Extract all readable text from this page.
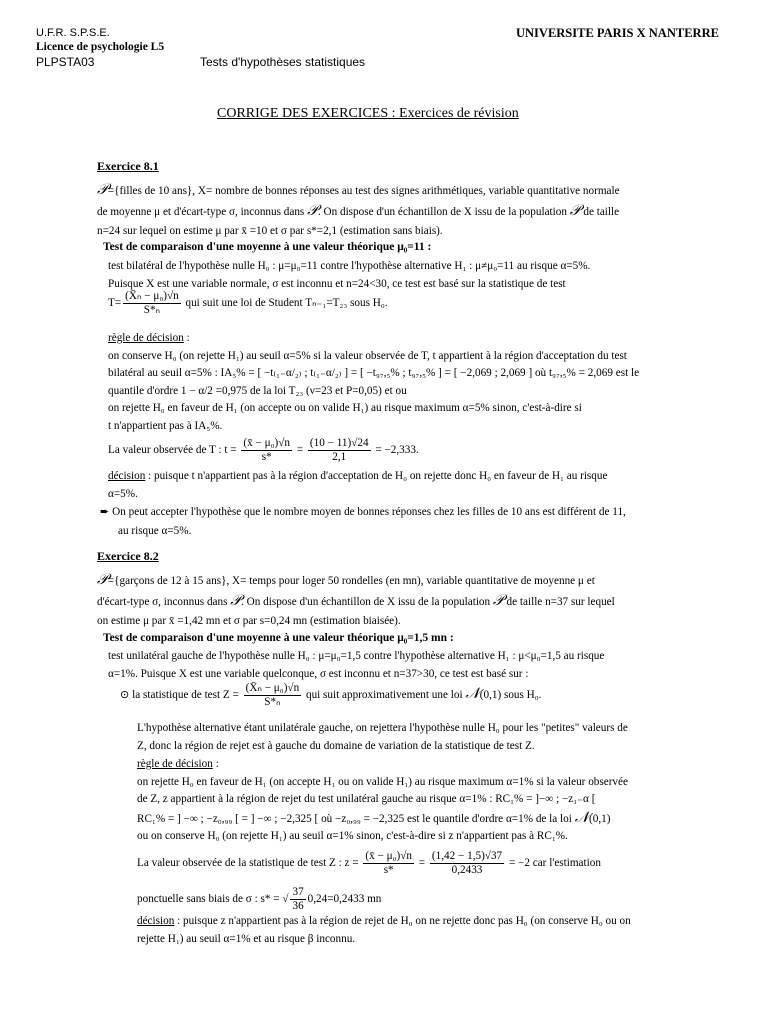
U.F.R. S.P.S.E.	UNIVERSITE PARIS X NANTERRE
Licence de psychologie L5
PLPSTA03	Tests d'hypothèses statistiques
CORRIGE DES EXERCICES : Exercices de révision
Exercice 8.1
𝒫={filles de 10 ans}, X= nombre de bonnes réponses au test des signes arithmétiques, variable quantitative normale
de moyenne μ et d'écart-type σ, inconnus dans 𝒫. On dispose d'un échantillon de X issu de la population 𝒫 de taille
n=24 sur lequel on estime μ par x̄ =10 et σ par s*=2,1 (estimation sans biais).
Test de comparaison d'une moyenne à une valeur théorique μ₀=11 :
test bilatéral de l'hypothèse nulle H₀ : μ=μ₀=11 contre l'hypothèse alternative H₁ : μ≠μ₀=11 au risque α=5%.
Puisque X est une variable normale, σ est inconnu et n=24<30, ce test est basé sur la statistique de test
$T= \frac{\text{(X̄ₙ − μ₀)√n}}{\text{S*ₙ}}$ qui suit une loi de Student Tₙ₋₁=T₂₃ sous H₀.
règle de décision :
on conserve H₀ (on rejette H₁) au seuil α=5% si la valeur observée de T, t appartient à la région d'acceptation du test
bilatéral au seuil α=5% : IA₅% = [ −t₍₁₋α/₂₎ ; t₍₁₋α/₂₎ ] = [ −t₉₇,₅% ; t₉₇,₅% ] = [ −2,069 ; 2,069 ] où t₉₇,₅% = 2,069 est le
quantile d'ordre 1 − α/2 =0,975 de la loi T₂₃ (ν=23 et P=0,05) et ou
on rejette H₀ en faveur de H₁ (on accepte ou on valide H₁) au risque maximum α=5% sinon, c'est-à-dire si
t n'appartient pas à IA₅%.
La valeur observée de T : $t = \frac{\text{(x̄ − μ₀)√n}}{s*} = \frac{(10 - 11)√24}{2,1} = -2,333$.
décision : puisque t n'appartient pas à la région d'acceptation de H₀ on rejette donc H₀ en faveur de H₁ au risque
α=5%.
➨ On peut accepter l'hypothèse que le nombre moyen de bonnes réponses chez les filles de 10 ans est différent de 11,
au risque α=5%.
Exercice 8.2
𝒫={garçons de 12 à 15 ans}, X= temps pour loger 50 rondelles (en mn), variable quantitative de moyenne μ et
d'écart-type σ, inconnus dans 𝒫. On dispose d'un échantillon de X issu de la population 𝒫 de taille n=37 sur lequel
on estime μ par x̄ =1,42 mn et σ par s=0,24 mn (estimation biaisée).
Test de comparaison d'une moyenne à une valeur théorique μ₀=1,5 mn :
test unilatéral gauche de l'hypothèse nulle H₀ : μ=μ₀=1,5 contre l'hypothèse alternative H₁ : μ<μ₀=1,5 au risque
α=1%. Puisque X est une variable quelconque, σ est inconnu et n=37>30, ce test est basé sur :
⊙ la statistique de test $Z = \frac{\text{(X̄ₙ − μ₀)√n}}{\text{S*ₙ}}$ qui suit approximativement une loi 𝒩(0,1) sous H₀.
L'hypothèse alternative étant unilatérale gauche, on rejettera l'hypothèse nulle H₀ pour les "petites" valeurs de
Z, donc la région de rejet est à gauche du domaine de variation de la statistique de test Z.
règle de décision :
on rejette H₀ en faveur de H₁ (on accepte H₁ ou on valide H₁) au risque maximum α=1% si la valeur observée
de Z, z appartient à la région de rejet du test unilatéral gauche au risque α=1% : RC₁% = ]−∞ ; −z₁₋α [
RC₁% = ] −∞ ; −z₀,₉₉ [ = ] −∞ ; −2,325 [ où −z₀,₉₉ = −2,325 est le quantile d'ordre α=1% de la loi 𝒩(0,1)
ou on conserve H₀ (on rejette H₁) au seuil α=1% sinon, c'est-à-dire si z n'appartient pas à RC₁%.
La valeur observée de la statistique de test Z : $z = \frac{\text{(x̄ − μ₀)√n}}{s*} = \frac{(1,42 - 1,5)√37}{0,2433} = -2$ car l'estimation
ponctuelle sans biais de σ : s* = √ $\frac{37}{36} 0,24=0,2433$ mn
décision : puisque z n'appartient pas à la région de rejet de H₀ on ne rejette donc pas H₀ (on conserve H₀ ou on
rejette H₁) au seuil α=1% et au risque β inconnu.
